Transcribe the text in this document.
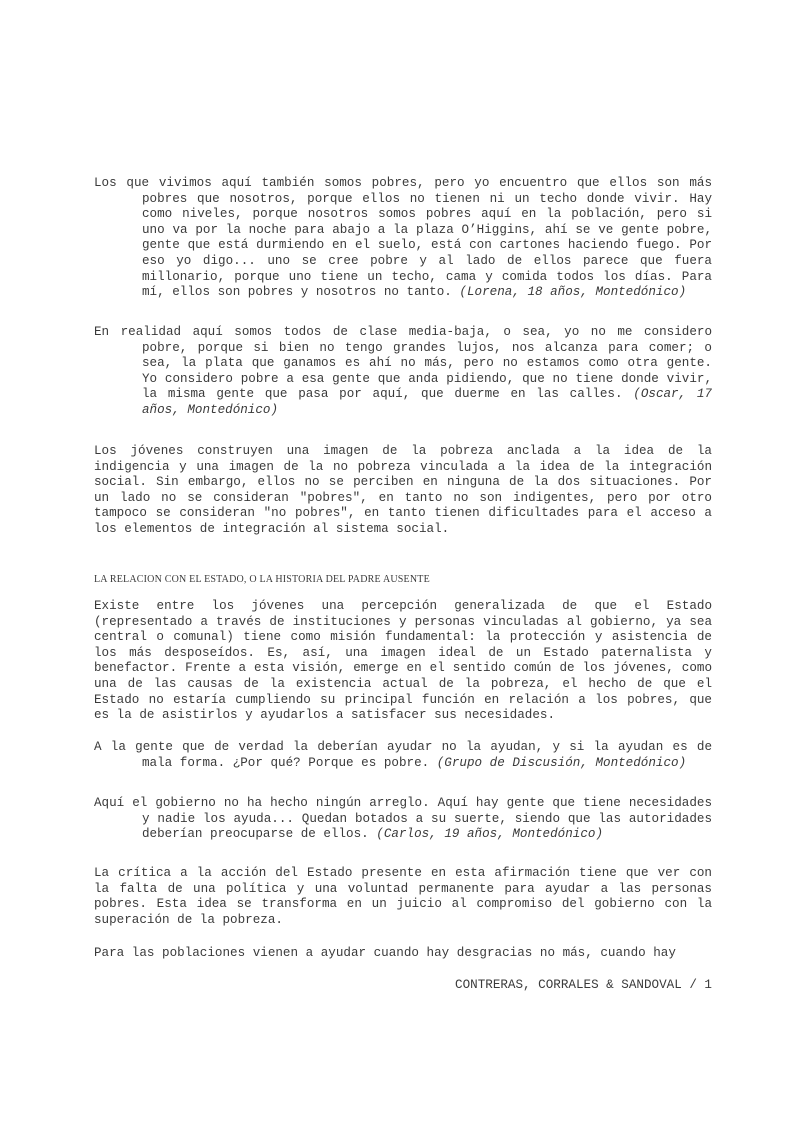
Los que vivimos aquí también somos pobres, pero yo encuentro que ellos son más pobres que nosotros, porque ellos no tienen ni un techo donde vivir. Hay como niveles, porque nosotros somos pobres aquí en la población, pero si uno va por la noche para abajo a la plaza O’Higgins, ahí se ve gente pobre, gente que está durmiendo en el suelo, está con cartones haciendo fuego. Por eso yo digo... uno se cree pobre y al lado de ellos parece que fuera millonario, porque uno tiene un techo, cama y comida todos los días. Para mí, ellos son pobres y nosotros no tanto. (Lorena, 18 años, Montedónico)

En realidad aquí somos todos de clase media-baja, o sea, yo no me considero pobre, porque si bien no tengo grandes lujos, nos alcanza para comer; o sea, la plata que ganamos es ahí no más, pero no estamos como otra gente. Yo considero pobre a esa gente que anda pidiendo, que no tiene donde vivir, la misma gente que pasa por aquí, que duerme en las calles. (Oscar, 17 años, Montedónico)

Los jóvenes construyen una imagen de la pobreza anclada a la idea de la indigencia y una imagen de la no pobreza vinculada a la idea de la integración social. Sin embargo, ellos no se perciben en ninguna de la dos situaciones. Por un lado no se consideran "pobres", en tanto no son indigentes, pero por otro tampoco se consideran "no pobres", en tanto tienen dificultades para el acceso a los elementos de integración al sistema social.

LA RELACION CON EL ESTADO, O LA HISTORIA DEL PADRE AUSENTE

Existe entre los jóvenes una percepción generalizada de que el Estado (representado a través de instituciones y personas vinculadas al gobierno, ya sea central o comunal) tiene como misión fundamental: la protección y asistencia de los más desposeídos. Es, así, una imagen ideal de un Estado paternalista y benefactor. Frente a esta visión, emerge en el sentido común de los jóvenes, como una de las causas de la existencia actual de la pobreza, el hecho de que el Estado no estaría cumpliendo su principal función en relación a los pobres, que es la de asistirlos y ayudarlos a satisfacer sus necesidades.

A la gente que de verdad la deberían ayudar no la ayudan, y si la ayudan es de mala forma. ¿Por qué? Porque es pobre. (Grupo de Discusión, Montedónico)

Aquí el gobierno no ha hecho ningún arreglo. Aquí hay gente que tiene necesidades y nadie los ayuda... Quedan botados a su suerte, siendo que las autoridades deberían preocuparse de ellos. (Carlos, 19 años, Montedónico)

La crítica a la acción del Estado presente en esta afirmación tiene que ver con la falta de una política y una voluntad permanente para ayudar a las personas pobres. Esta idea se transforma en un juicio al compromiso del gobierno con la superación de la pobreza.

Para las poblaciones vienen a ayudar cuando hay desgracias no más, cuando hay

CONTRERAS, CORRALES & SANDOVAL / 1
